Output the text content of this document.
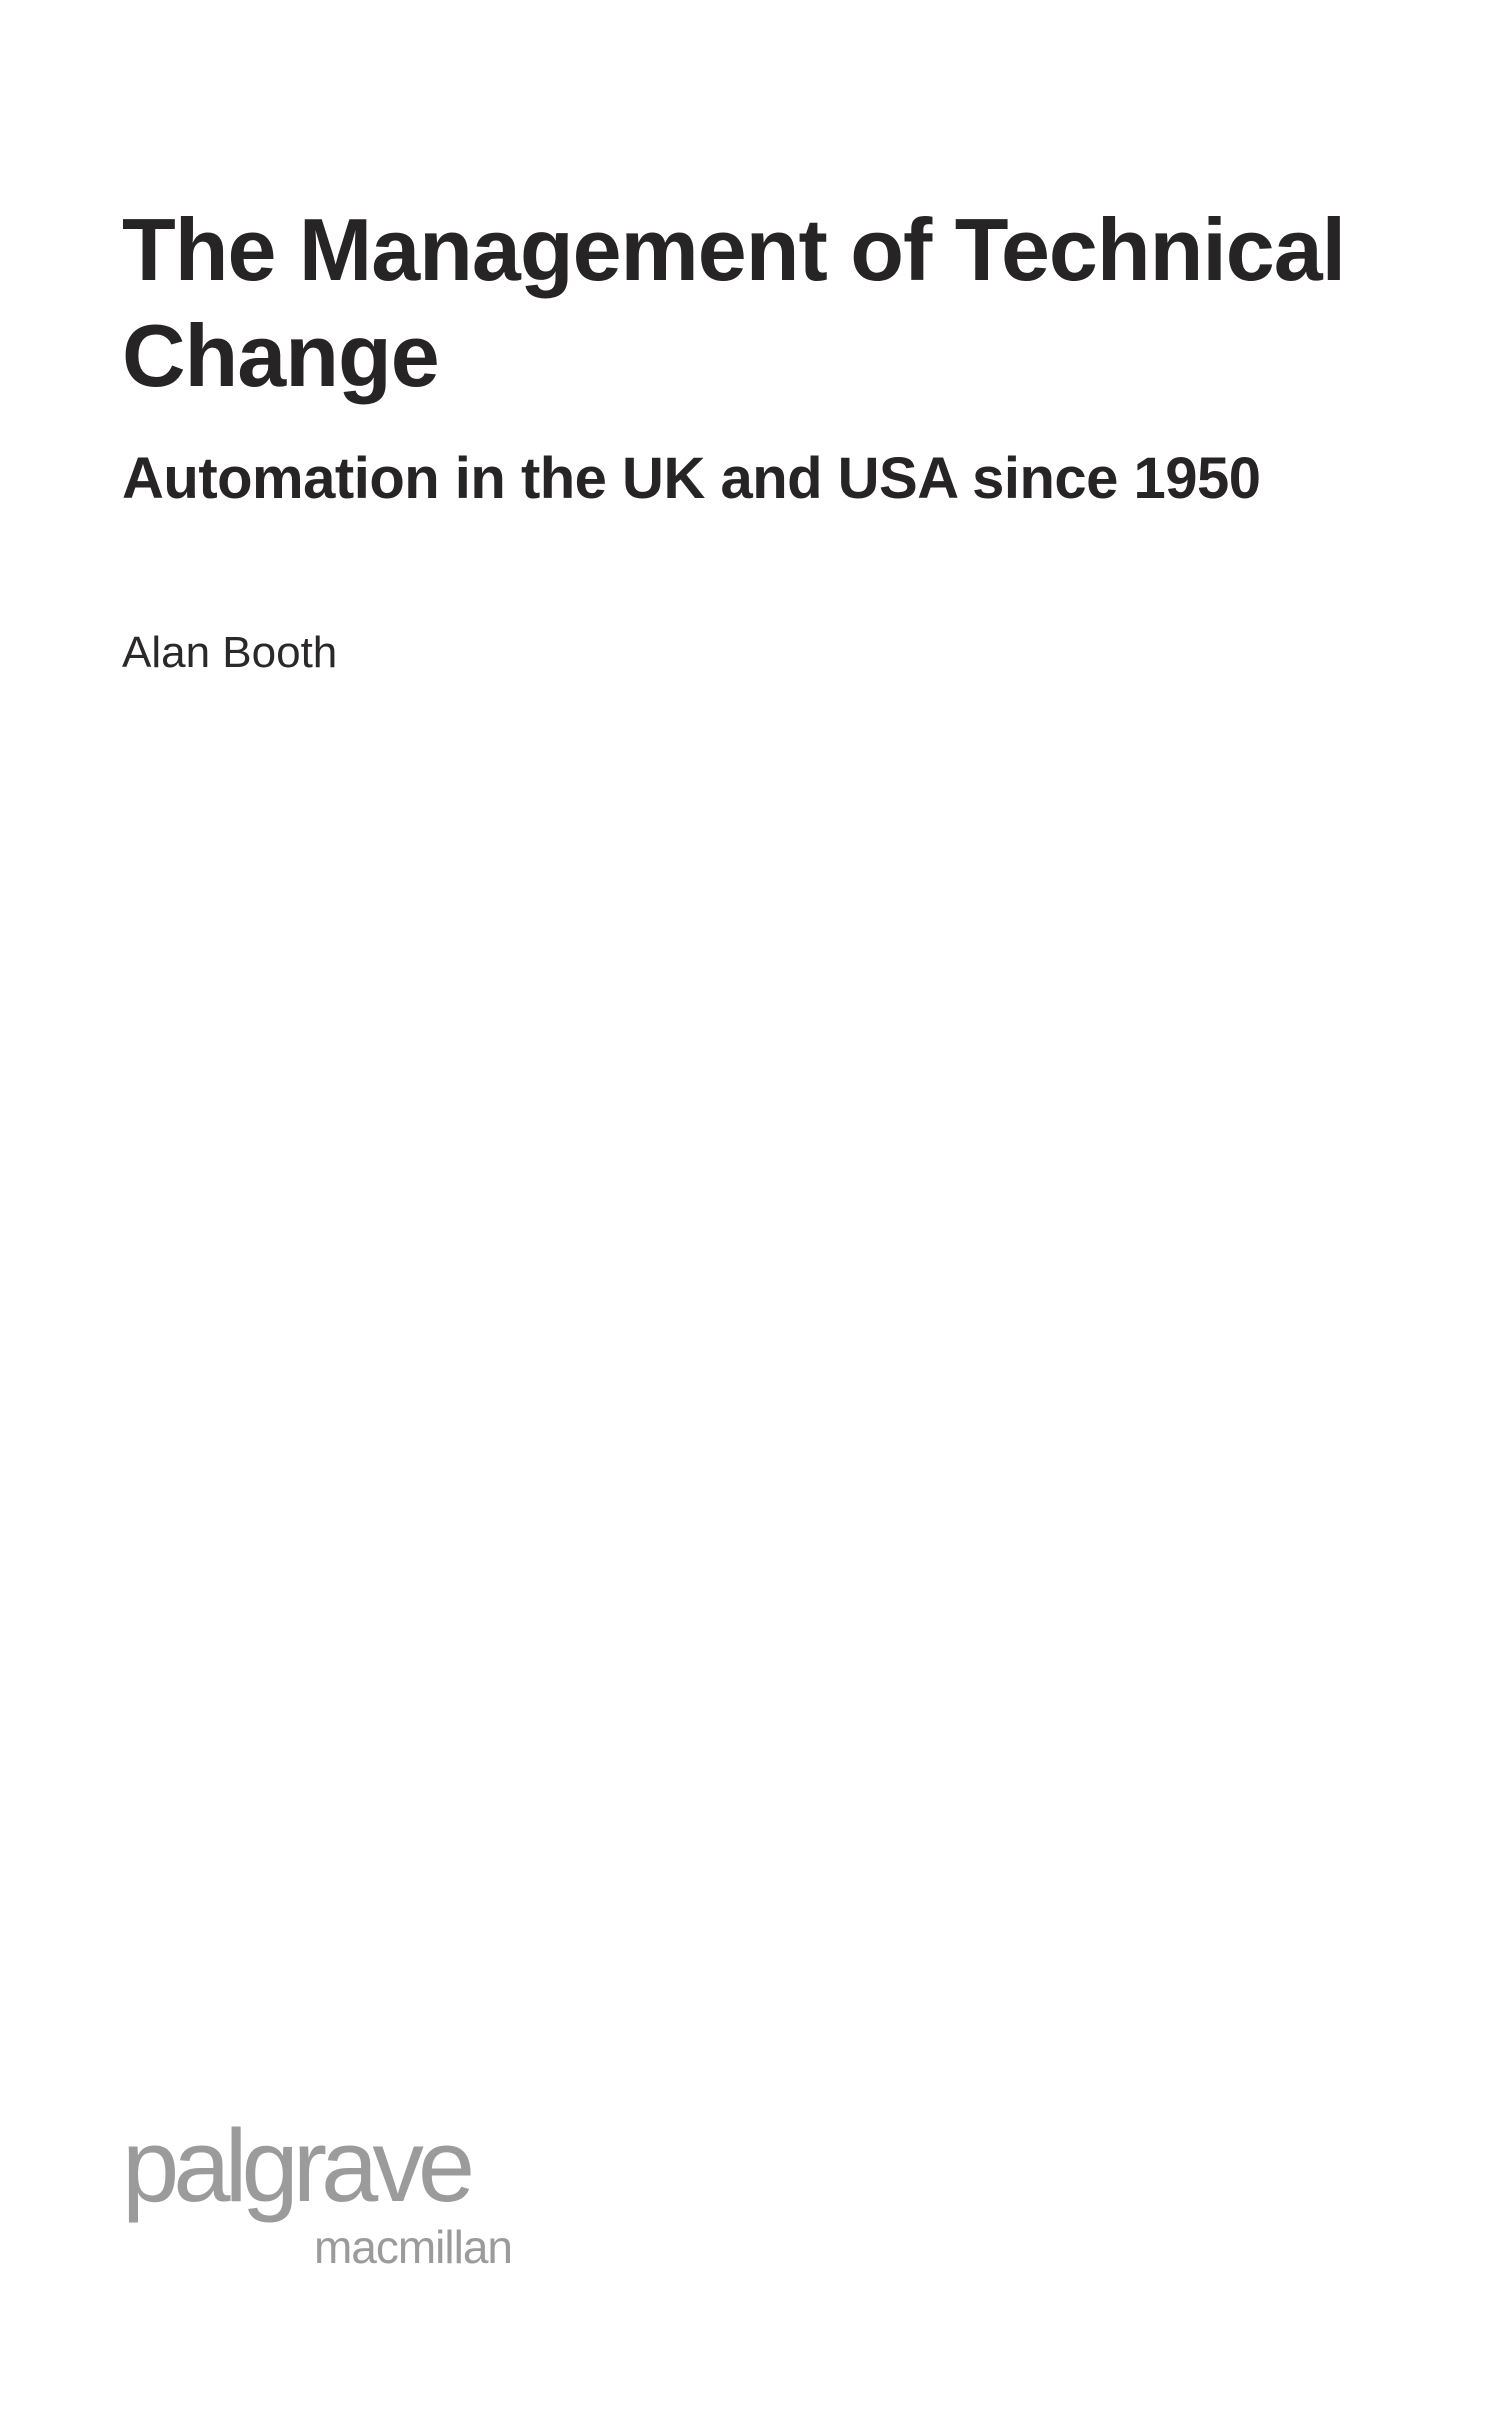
The Management of Technical
Change
Automation in the UK and USA since 1950

Alan Booth

palgrave
macmillan
